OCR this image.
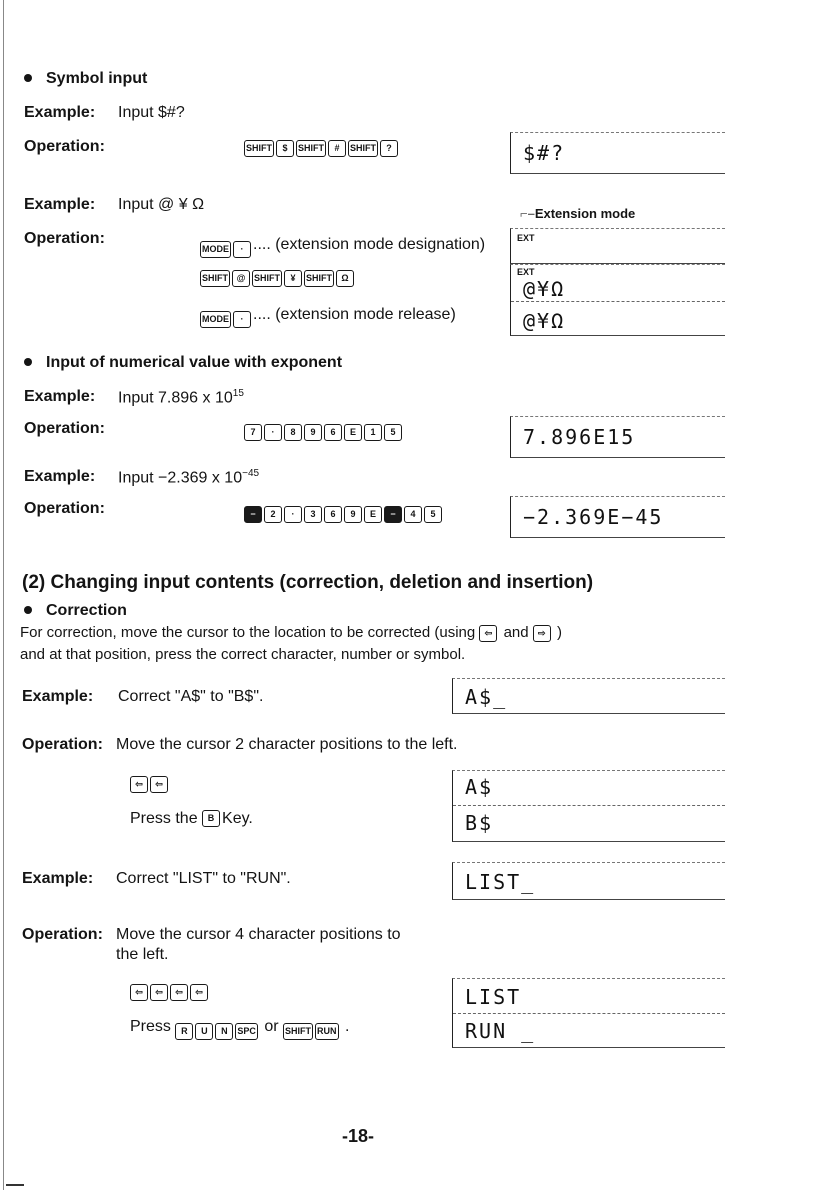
Symbol input
Example: Input $#?
Operation:	SHIFT $ SHIFT # SHIFT ?	$#?
Example: Input @ ¥ Ω
Operation:
MODE · .... (extension mode designation)
SHIFT @ SHIFT ¥ SHIFT Ω
MODE · .... (extension mode release)
⌐–Extension mode
EXT
EXT
@¥Ω
@¥Ω
Input of numerical value with exponent
Example: Input 7.896 x $10^{15}$
Operation:	7 · 8 9 6 E 1 5	7.896E15
Example: Input −2.369 x $10^{-45}$
Operation:	− 2 · 3 6 9 E − 4 5	−2.369E−45
(2) Changing input contents (correction, deletion and insertion)
Correction
For correction, move the cursor to the location to be corrected (using ⇦ and ⇨ )
and at that position, press the correct character, number or symbol.
Example: Correct "A$" to "B$".	A$_
Operation: Move the cursor 2 character positions to the left.
⇦ ⇦
Press the B Key.
A$
B$
Example: Correct "LIST" to "RUN".	LIST_
Operation: Move the cursor 4 character positions to
the left.
⇦ ⇦ ⇦ ⇦
Press R U N SPC or SHIFT RUN .
LIST
RUN _
-18-
